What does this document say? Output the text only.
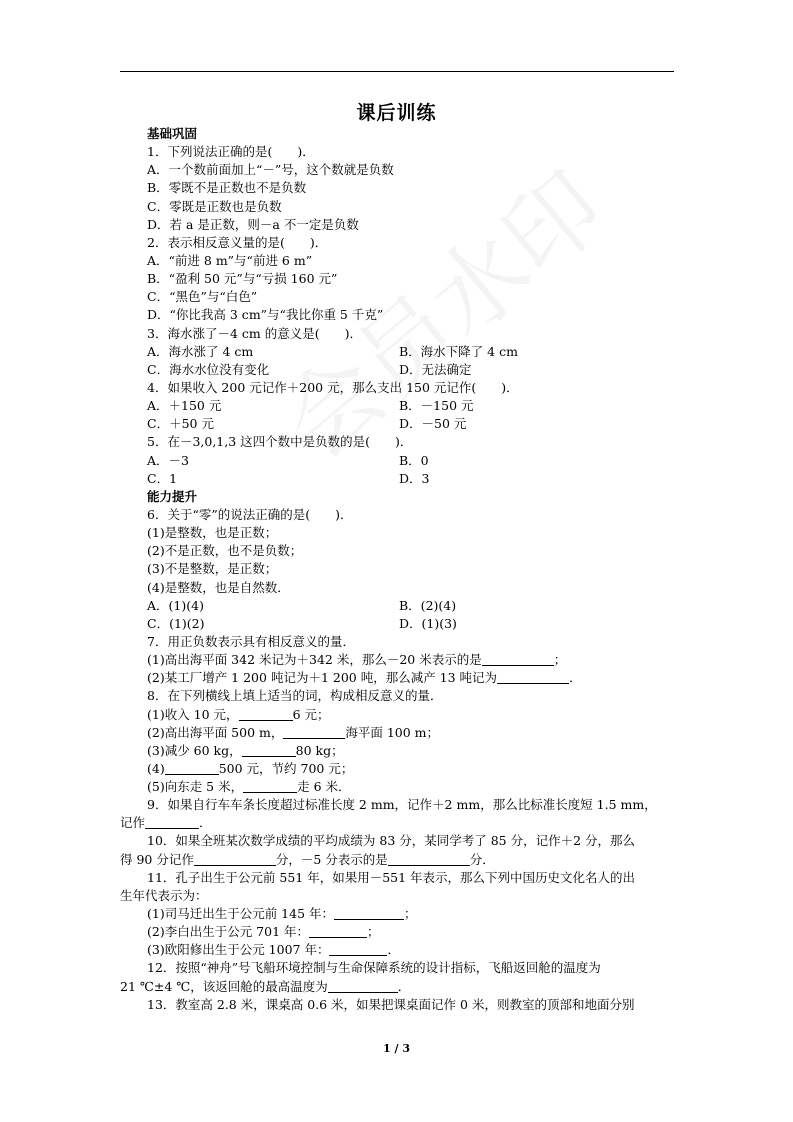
课后训练
基础巩固
1．下列说法正确的是(　　)．
A．一个数前面加上“－”号，这个数就是负数
B．零既不是正数也不是负数
C．零既是正数也是负数
D．若 a 是正数，则－a 不一定是负数
2．表示相反意义量的是(　　)．
A．“前进 8 m”与“前进 6 m”
B．“盈利 50 元”与“亏损 160 元”
C．“黑色”与“白色”
D．“你比我高 3 cm”与“我比你重 5 千克”
3．海水涨了－4 cm 的意义是(　　)．
A．海水涨了 4 cm	B．海水下降了 4 cm
C．海水水位没有变化	D．无法确定
4．如果收入 200 元记作＋200 元，那么支出 150 元记作(　　)．
A．＋150 元	B．－150 元
C．＋50 元	D．－50 元
5．在－3,0,1,3 这四个数中是负数的是(　　)．
A．－3	B．0
C．1	D．3
能力提升
6．关于“零”的说法正确的是(　　)．
(1)是整数，也是正数；
(2)不是正数，也不是负数；
(3)不是整数，是正数；
(4)是整数，也是自然数．
A．(1)(4)	B．(2)(4)
C．(1)(2)	D．(1)(3)
7．用正负数表示具有相反意义的量．
(1)高出海平面 342 米记为＋342 米，那么－20 米表示的是	；
(2)某工厂增产 1 200 吨记为＋1 200 吨，那么减产 13 吨记为	．
8．在下列横线上填上适当的词，构成相反意义的量．
(1)收入 10 元，	6 元；
(2)高出海平面 500 m，	海平面 100 m；
(3)减少 60 kg，	80 kg；
(4)	500 元，节约 700 元；
(5)向东走 5 米，	走 6 米．
9．如果自行车车条长度超过标准长度 2 mm，记作＋2 mm，那么比标准长度短 1.5 mm，
记作	．
10．如果全班某次数学成绩的平均成绩为 83 分，某同学考了 85 分，记作＋2 分，那么
得 90 分记作	分，－5 分表示的是	分．
11．孔子出生于公元前 551 年，如果用－551 年表示，那么下列中国历史文化名人的出
生年代表示为：
(1)司马迁出生于公元前 145 年：	；
(2)李白出生于公元 701 年：	；
(3)欧阳修出生于公元 1007 年：	．
12．按照“神舟”号飞船环境控制与生命保障系统的设计指标，飞船返回舱的温度为
21 ℃±4 ℃，该返回舱的最高温度为	．
13．教室高 2.8 米，课桌高 0.6 米，如果把课桌面记作 0 米，则教室的顶部和地面分别
1 / 3
